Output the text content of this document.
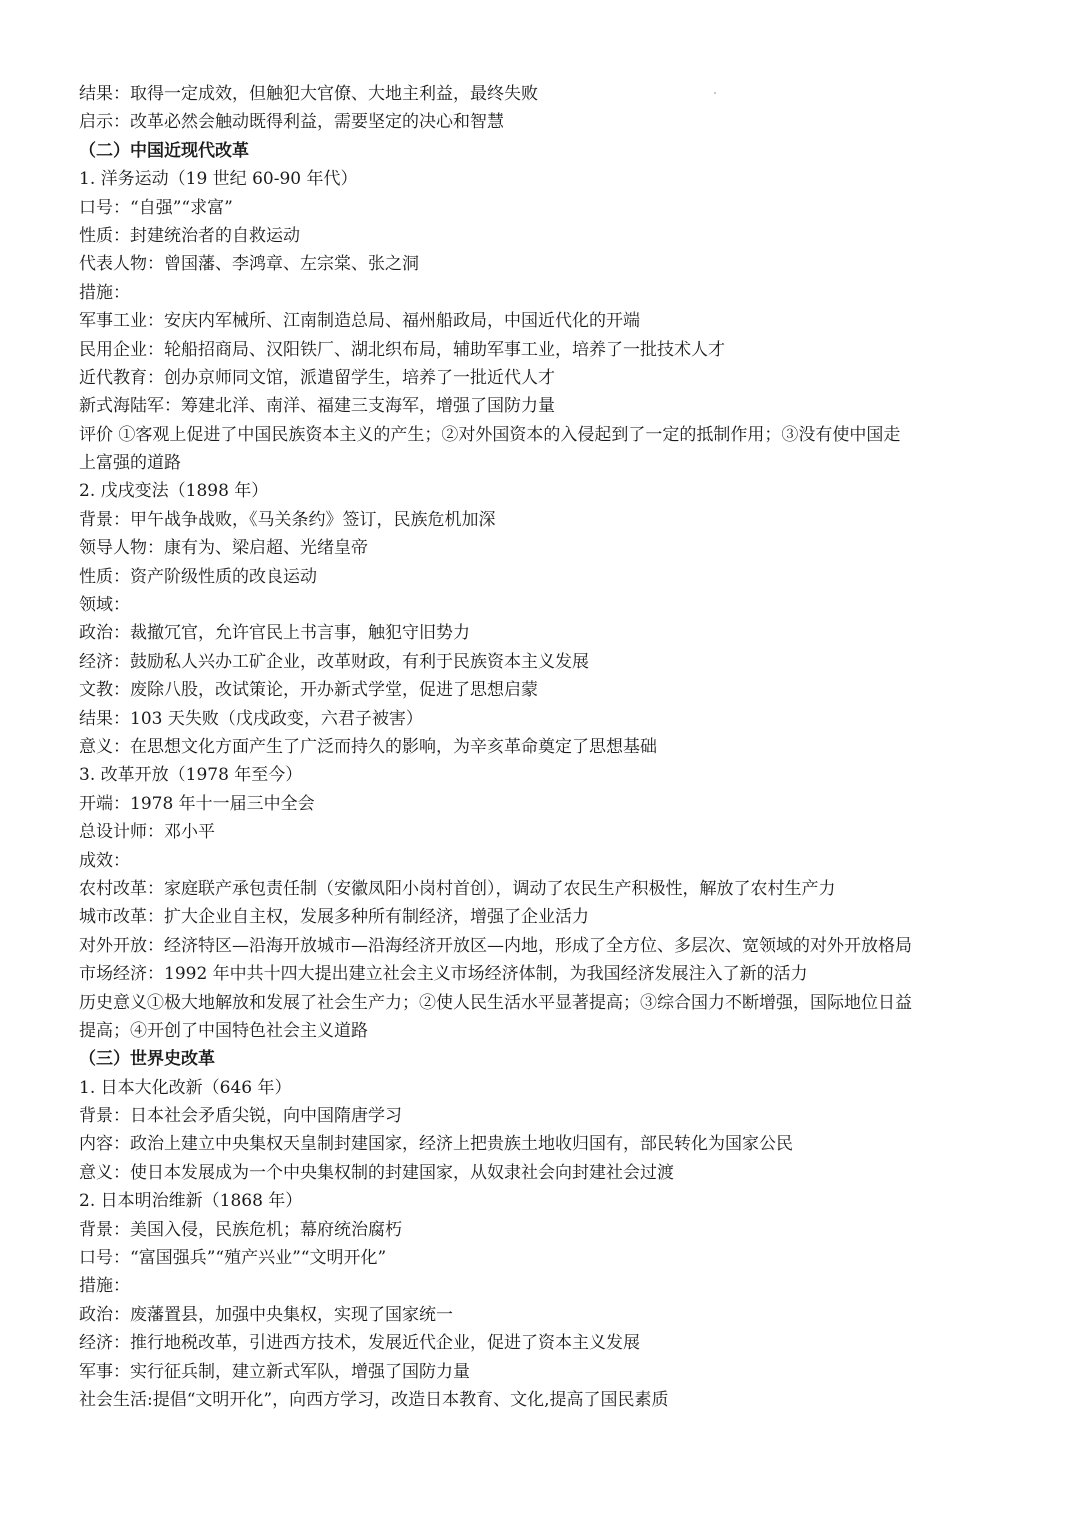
结果：取得一定成效，但触犯大官僚、大地主利益，最终失败
启示：改革必然会触动既得利益，需要坚定的决心和智慧
（二）中国近现代改革
1. 洋务运动（19 世纪 60-90 年代）
口号：“自强”“求富”
性质：封建统治者的自救运动
代表人物：曾国藩、李鸿章、左宗棠、张之洞
措施：
军事工业：安庆内军械所、江南制造总局、福州船政局，中国近代化的开端
民用企业：轮船招商局、汉阳铁厂、湖北织布局，辅助军事工业，培养了一批技术人才
近代教育：创办京师同文馆，派遣留学生，培养了一批近代人才
新式海陆军：筹建北洋、南洋、福建三支海军，增强了国防力量
评价 ①客观上促进了中国民族资本主义的产生；②对外国资本的入侵起到了一定的抵制作用；③没有使中国走
上富强的道路
2. 戊戌变法（1898 年）
背景：甲午战争战败，《马关条约》签订，民族危机加深
领导人物：康有为、梁启超、光绪皇帝
性质：资产阶级性质的改良运动
领域：
政治：裁撤冗官，允许官民上书言事，触犯守旧势力
经济：鼓励私人兴办工矿企业，改革财政，有利于民族资本主义发展
文教：废除八股，改试策论，开办新式学堂，促进了思想启蒙
结果：103 天失败（戊戌政变，六君子被害）
意义：在思想文化方面产生了广泛而持久的影响，为辛亥革命奠定了思想基础
3. 改革开放（1978 年至今）
开端：1978 年十一届三中全会
总设计师：邓小平
成效：
农村改革：家庭联产承包责任制（安徽凤阳小岗村首创），调动了农民生产积极性，解放了农村生产力
城市改革：扩大企业自主权，发展多种所有制经济，增强了企业活力
对外开放：经济特区—沿海开放城市—沿海经济开放区—内地，形成了全方位、多层次、宽领域的对外开放格局
市场经济：1992 年中共十四大提出建立社会主义市场经济体制，为我国经济发展注入了新的活力
历史意义①极大地解放和发展了社会生产力；②使人民生活水平显著提高；③综合国力不断增强，国际地位日益
提高；④开创了中国特色社会主义道路
（三）世界史改革
1. 日本大化改新（646 年）
背景：日本社会矛盾尖锐，向中国隋唐学习
内容：政治上建立中央集权天皇制封建国家，经济上把贵族土地收归国有，部民转化为国家公民
意义：使日本发展成为一个中央集权制的封建国家，从奴隶社会向封建社会过渡
2. 日本明治维新（1868 年）
背景：美国入侵，民族危机；幕府统治腐朽
口号：“富国强兵”“殖产兴业”“文明开化”
措施：
政治：废藩置县，加强中央集权，实现了国家统一
经济：推行地税改革，引进西方技术，发展近代企业，促进了资本主义发展
军事：实行征兵制，建立新式军队，增强了国防力量
社会生活:提倡“文明开化”，向西方学习，改造日本教育、文化,提高了国民素质
